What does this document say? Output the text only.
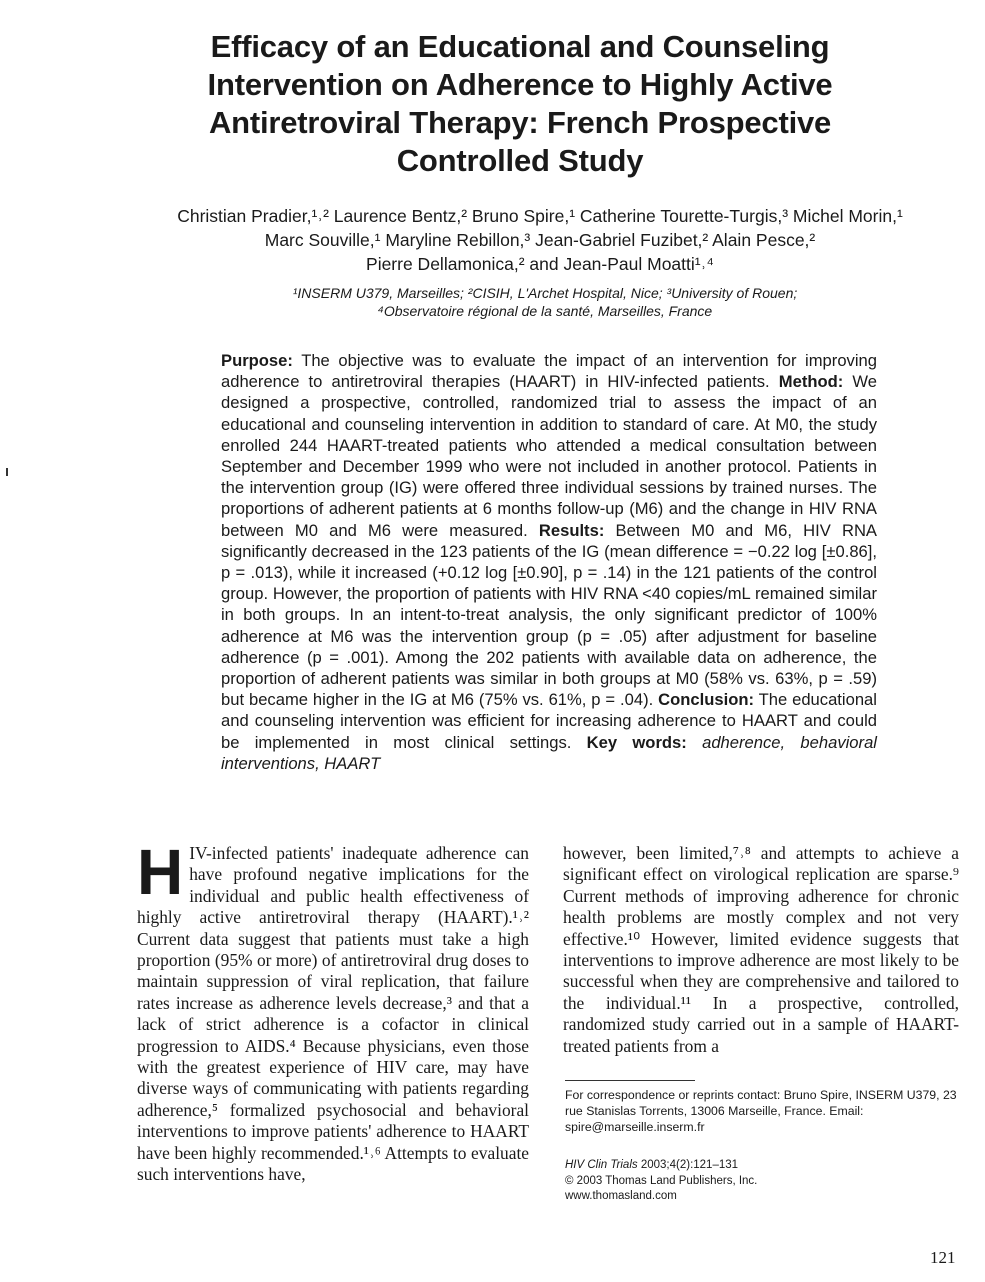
Efficacy of an Educational and Counseling Intervention on Adherence to Highly Active Antiretroviral Therapy: French Prospective Controlled Study
Christian Pradier,¹˒² Laurence Bentz,² Bruno Spire,¹ Catherine Tourette-Turgis,³ Michel Morin,¹
Marc Souville,¹ Maryline Rebillon,³ Jean-Gabriel Fuzibet,² Alain Pesce,²
Pierre Dellamonica,² and Jean-Paul Moatti¹˒⁴
¹INSERM U379, Marseilles; ²CISIH, L'Archet Hospital, Nice; ³University of Rouen;
⁴Observatoire régional de la santé, Marseilles, France
Purpose: The objective was to evaluate the impact of an intervention for improving adherence to antiretroviral therapies (HAART) in HIV-infected patients. Method: We designed a prospective, controlled, randomized trial to assess the impact of an educational and counseling intervention in addition to standard of care. At M0, the study enrolled 244 HAART-treated patients who attended a medical consultation between September and December 1999 who were not included in another protocol. Patients in the intervention group (IG) were offered three individual sessions by trained nurses. The proportions of adherent patients at 6 months follow-up (M6) and the change in HIV RNA between M0 and M6 were measured. Results: Between M0 and M6, HIV RNA significantly decreased in the 123 patients of the IG (mean difference = −0.22 log [±0.86], p = .013), while it increased (+0.12 log [±0.90], p = .14) in the 121 patients of the control group. However, the proportion of patients with HIV RNA <40 copies/mL remained similar in both groups. In an intent-to-treat analysis, the only significant predictor of 100% adherence at M6 was the intervention group (p = .05) after adjustment for baseline adherence (p = .001). Among the 202 patients with available data on adherence, the proportion of adherent patients was similar in both groups at M0 (58% vs. 63%, p = .59) but became higher in the IG at M6 (75% vs. 61%, p = .04). Conclusion: The educational and counseling intervention was efficient for increasing adherence to HAART and could be implemented in most clinical settings. Key words: adherence, behavioral interventions, HAART
HIV-infected patients' inadequate adherence can have profound negative implications for the individual and public health effectiveness of highly active antiretroviral therapy (HAART).¹˒² Current data suggest that patients must take a high proportion (95% or more) of antiretroviral drug doses to maintain suppression of viral replication, that failure rates increase as adherence levels decrease,³ and that a lack of strict adherence is a cofactor in clinical progression to AIDS.⁴ Because physicians, even those with the greatest experience of HIV care, may have diverse ways of communicating with patients regarding adherence,⁵ formalized psychosocial and behavioral interventions to improve patients' adherence to HAART have been highly recommended.¹˒⁶ Attempts to evaluate such interventions have,
however, been limited,⁷˒⁸ and attempts to achieve a significant effect on virological replication are sparse.⁹ Current methods of improving adherence for chronic health problems are mostly complex and not very effective.¹⁰ However, limited evidence suggests that interventions to improve adherence are most likely to be successful when they are comprehensive and tailored to the individual.¹¹ In a prospective, controlled, randomized study carried out in a sample of HAART-treated patients from a
For correspondence or reprints contact: Bruno Spire, INSERM U379, 23 rue Stanislas Torrents, 13006 Marseille, France. Email: spire@marseille.inserm.fr
HIV Clin Trials 2003;4(2):121–131
© 2003 Thomas Land Publishers, Inc.
www.thomasland.com
121
